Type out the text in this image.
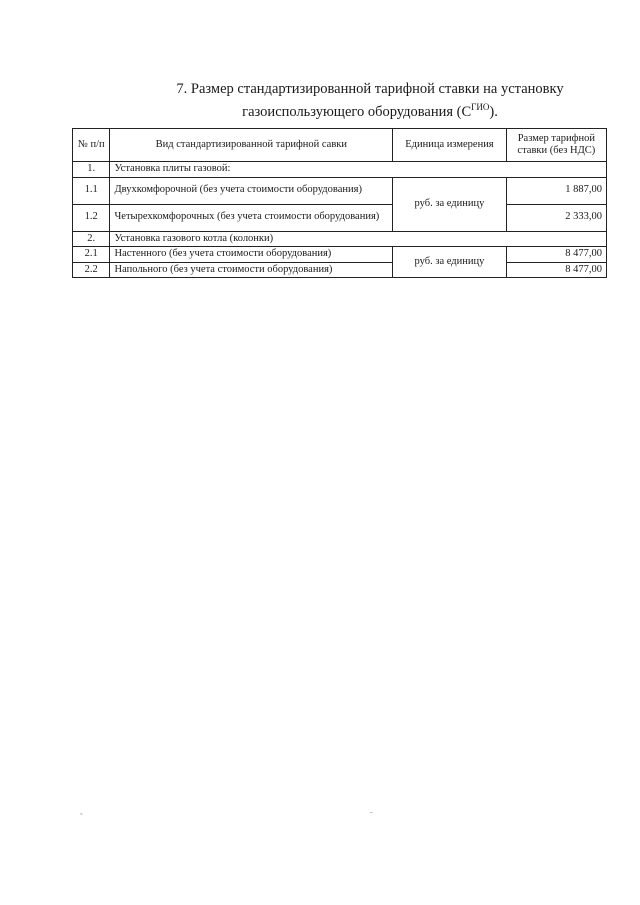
7. Размер стандартизированной тарифной ставки на установку
газоиспользующего оборудования $(С^{ГИО})$.
№ п/п	Вид стандартизированной тарифной савки	Единица измерения	Размер тарифной ставки (без НДС)
1.	Установка плиты газовой:		
1.1	Двухкомфорочной (без учета стоимости оборудования)	руб. за единицу	1 887,00
1.2	Четырехкомфорочных (без учета стоимости оборудования)		2 333,00
2.	Установка газового котла (колонки)		
2.1	Настенного (без учета стоимости оборудования)	руб. за единицу	8 477,00
2.2	Напольного (без учета стоимости оборудования)		8 477,00
ˇ	ˉ
